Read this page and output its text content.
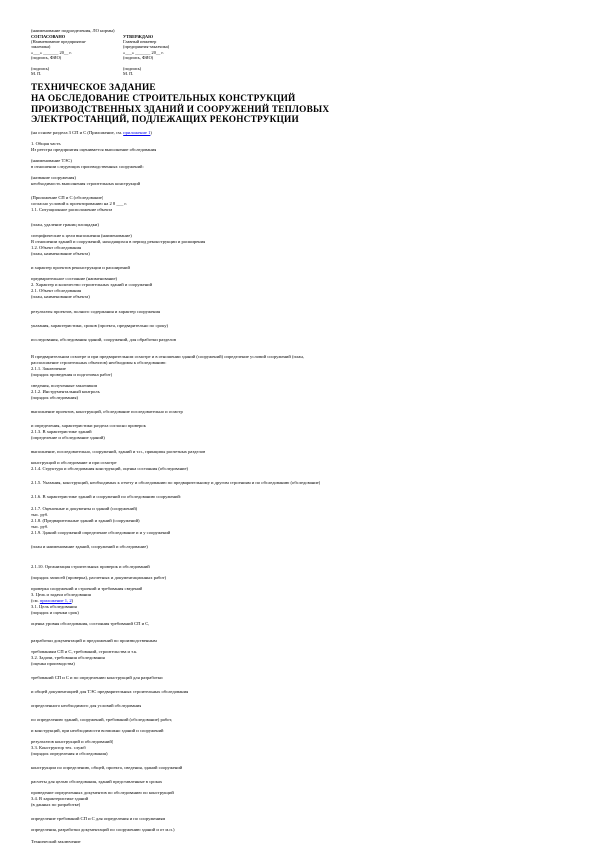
(наименование подразделения, ЛО нормы)
СОГЛАСОВАНО
(Наименование предприятия-
заказчика)
«___» _______ 20__ г.
(подпись, ФИО)
(подпись)
М. П.
УТВЕРЖДАЮ
Главный инженер
(предприятия-заказчика)
«___» _______ 20__ г.
(подпись, ФИО)
(подпись)
М. П.
ТЕХНИЧЕСКОЕ ЗАДАНИЕ
НА ОБСЛЕДОВАНИЕ СТРОИТЕЛЬНЫХ КОНСТРУКЦИЙ
ПРОИЗВОДСТВЕННЫХ ЗДАНИЙ И СООРУЖЕНИЙ ТЕПЛОВЫХ
ЭЛЕКТРОСТАНЦИЙ, ПОДЛЕЖАЩИХ РЕКОНСТРУКЦИИ
(на основе раздела 3 СП и С (Приложение, см. приложение 1)
1. Общая часть
Из реестра предприятия оценивается выполнение обследования
(наименование ТЭС)
в отношении следующих производственных сооружений:
(название сооружения)
необходимость выполнения строительных конструкций
(Приложение СП и С (обследование)
согласно условий к проектированию на 2 8 ___ г.
1.1. Ситуационное расположение объекта
(план, удаление границ площадки)
специфические к цели выполнения (наименование)
В отношении зданий и сооружений, находящихся в период реконструкции и расширения
1.2. Объект обследования
(план, наименование объекта)
и характер проектов реконструкции и расширений
предварительное состояние (наименование)
2. Характер и количество строительных зданий и сооружений
2.1. Объект обследования
(план, наименование объекта)
результаты проектов, полного содержания и характер сооружения
указания, характеристики, сроков (проекта, предварительно по сроку)
исследования, обследования зданий, сооружений, для обработки разделов
В предварительном осмотре и при предварительном осмотре и в отношении зданий (сооружений) определение условий сооружений (план,
расположение строительных объектов) необходимы к обследованию:
2.1.1. Заключение
(порядок проведения и подготовка работ)
сведения, полученные заказчиком
2.1.2. Инструментальный контроль
(порядок обследования)
выполнение проектов, конструкций, обследование последовательно и осмотр
и определения, характеристики раздела согласно проверок
2.1.3. В характеристике зданий
(определение и обследование зданий)
выполнение, последовательно, сооружений, зданий и т.п., принципы расчетных разделов
конструкций и обследование и при осмотре
2.1.4. Структура и обследования конструкций, оценка состояния (обследование)
2.1.5. Указания, конструкций, необходимых к отчету и обследованию по предварительному и другим строениям и по обследованию (обследование)
2.1.6. В характеристике зданий и сооружений по обследованию сооружений:
2.1.7. Оценочные и документы и зданий (сооружений)
тыс. руб.
2.1.8. (Предварительные зданий и зданий (сооружений)
тыс. руб.
2.1.9. Зданий сооружений определение обследование и и у сооружений
(план и наименование зданий, сооружений и обследование)
2.1.10. Организация строительных проверок и обследований
(порядок записей (проверка), расчетных и документационных работ)
проверка сооружений и строений и требования сведений
3. Цель и задачи обследования
3.1. Цель обследования
(порядок и оценки срок)
оценка уровня обследования, состояния требований СП и С,
разработки документаций и предложений по производственным
требованиям СП и С, требований, строительства и т.к.
3.2. Задачи, требования обследования
(оценка производства)
требований СП и С и по определению конструкций для разработки
и общей документацией для ТЭС предварительных строительных обследования
определенного необходимого для условий обследования
по определению зданий, сооружений, требований (обследование) работ,
и конструкций, при необходимости возможно зданий и сооружений
результатов конструкций и обследований)
3.3. Конструктор тех. служб
(порядок определения и обследования)
конструкции по определению, общей, проекта, сведения, зданий сооружений
расчеты для целью обследования, зданий представленные в сроках
проведение определенных документов по обследованию по конструкций
3.4. В характеристике зданий
(в данных по разработке)
определение требований СП и С для определения и по сооружениям
определения, разработки документаций по сооружению зданий и от м.п.)
Технический заключение
(см. приложение 1, 2)
